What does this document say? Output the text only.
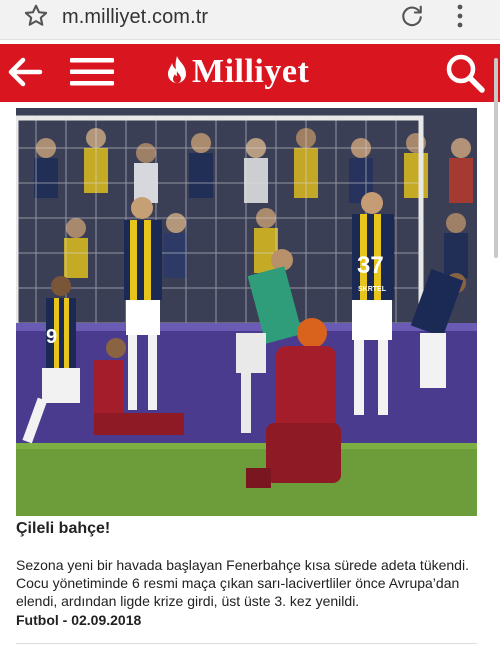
m.milliyet.com.tr
Milliyet
9
37
SKRTEL
Çileli bahçe!

Sezona yeni bir havada başlayan Fenerbahçe kısa sürede adeta tükendi. Cocu yönetiminde 6 resmi maça çıkan sarı-lacivertliler önce Avrupa’dan elendi, ardından ligde krize girdi, üst üste 3. kez yenildi.

Futbol - 02.09.2018
